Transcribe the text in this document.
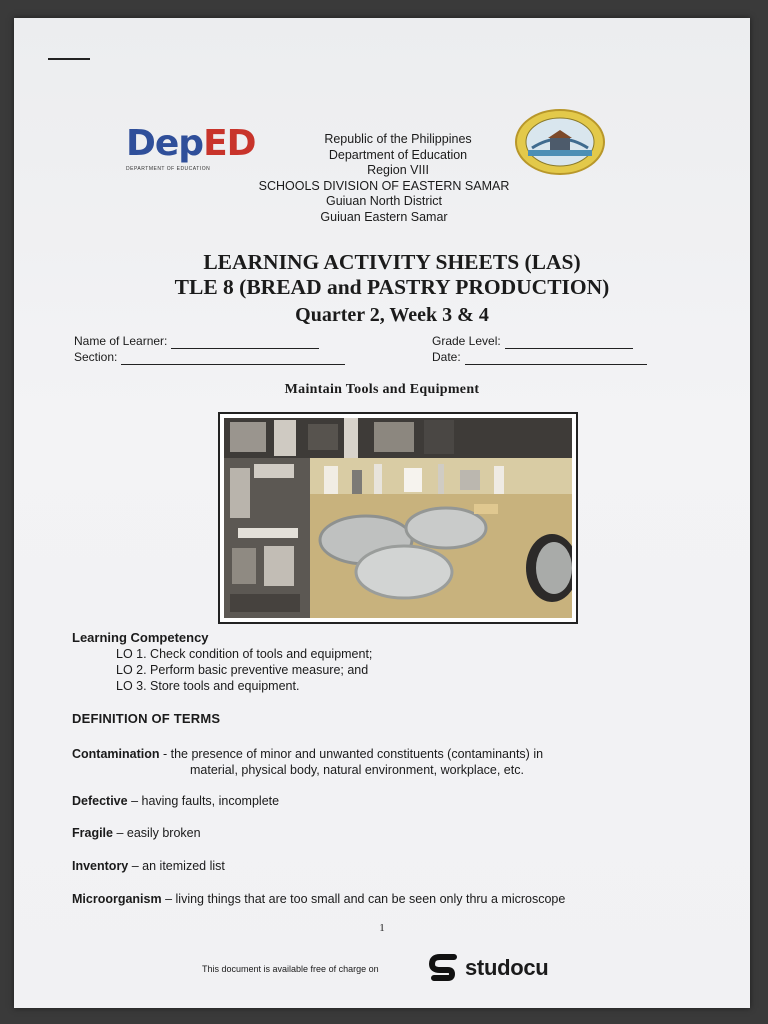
DepED
DEPARTMENT OF EDUCATION
Republic of the Philippines
Department of Education
Region VIII
SCHOOLS DIVISION OF EASTERN SAMAR
Guiuan North District
Guiuan Eastern Samar
LEARNING ACTIVITY SHEETS (LAS)
TLE 8 (BREAD and PASTRY PRODUCTION)
Quarter 2, Week 3 & 4
Name of Learner:	Grade Level:
Section:	Date:
Maintain Tools and Equipment
Learning Competency
LO 1. Check condition of tools and equipment;
LO 2. Perform basic preventive measure; and
LO 3. Store tools and equipment.
DEFINITION OF TERMS
Contamination - the presence of minor and unwanted constituents (contaminants) in
material, physical body, natural environment, workplace, etc.
Defective – having faults, incomplete
Fragile – easily broken
Inventory – an itemized list
Microorganism – living things that are too small and can be seen only thru a microscope
1
This document is available free of charge on	studocu
